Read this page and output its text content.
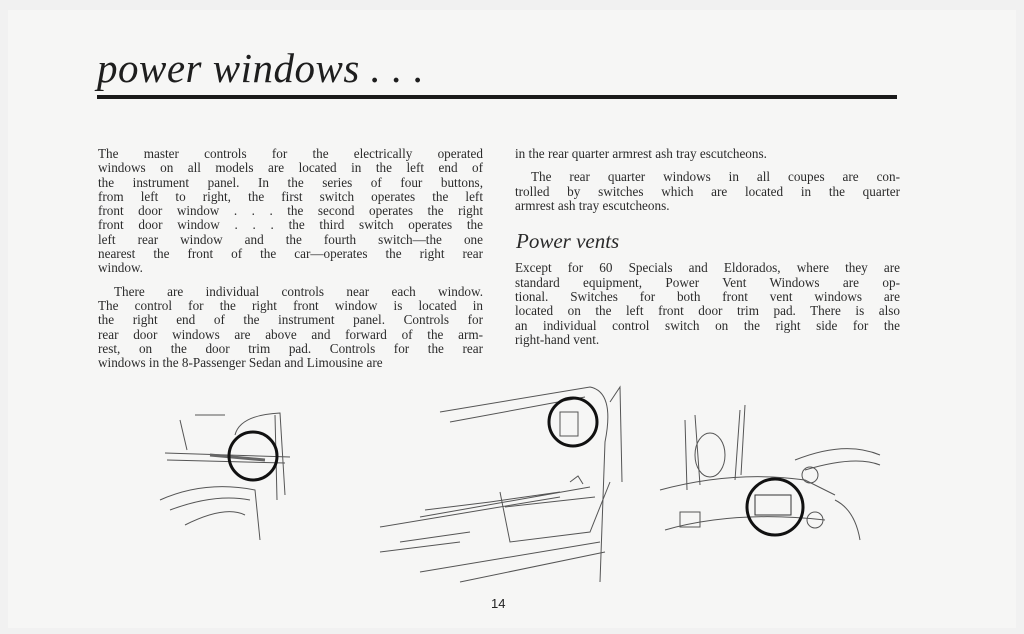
power windows . . .
The master controls for the electrically operated
windows on all models are located in the left end of
the instrument panel. In the series of four buttons,
from left to right, the first switch operates the left
front door window . . . the second operates the right
front door window . . . the third switch operates the
left rear window and the fourth switch—the one
nearest the front of the car—operates the right rear
window.
There are individual controls near each window.
The control for the right front window is located in
the right end of the instrument panel. Controls for
rear door windows are above and forward of the arm-
rest, on the door trim pad. Controls for the rear
windows in the 8-Passenger Sedan and Limousine are
in the rear quarter armrest ash tray escutcheons.
The rear quarter windows in all coupes are con-
trolled by switches which are located in the quarter
armrest ash tray escutcheons.
Power vents
Except for 60 Specials and Eldorados, where they are
standard equipment, Power Vent Windows are op-
tional. Switches for both front vent windows are
located on the left front door trim pad. There is also
an individual control switch on the right side for the
right-hand vent.
14
